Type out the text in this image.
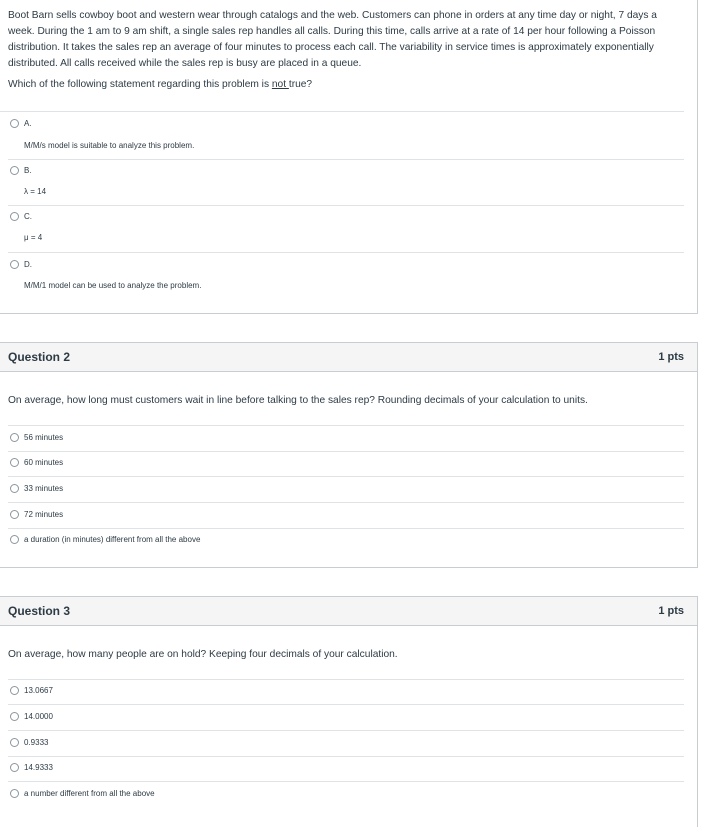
Boot Barn sells cowboy boot and western wear through catalogs and the web. Customers can phone in orders at any time day or night, 7 days a week. During the 1 am to 9 am shift, a single sales rep handles all calls. During this time, calls arrive at a rate of 14 per hour following a Poisson distribution. It takes the sales rep an average of four minutes to process each call. The variability in service times is approximately exponentially distributed. All calls received while the sales rep is busy are placed in a queue.
Which of the following statement regarding this problem is not true?
A.
M/M/s model is suitable to analyze this problem.
B.
λ = 14
C.
μ = 4
D.
M/M/1 model can be used to analyze the problem.
Question 2	1 pts
On average, how long must customers wait in line before talking to the sales rep? Rounding decimals of your calculation to units.
56 minutes
60 minutes
33 minutes
72 minutes
a duration (in minutes) different from all the above
Question 3	1 pts
On average, how many people are on hold? Keeping four decimals of your calculation.
13.0667
14.0000
0.9333
14.9333
a number different from all the above
